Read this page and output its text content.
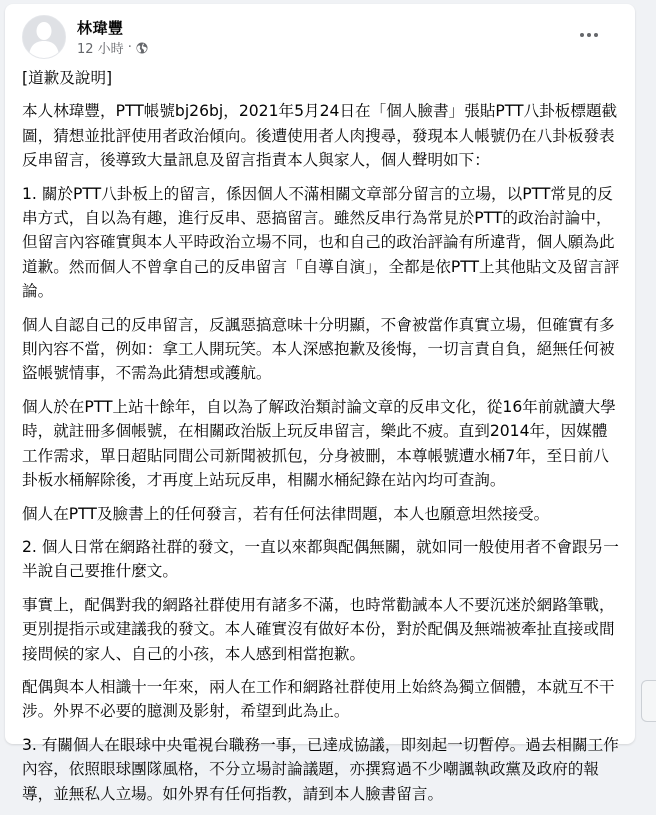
林瑋豐
12 小時 ·

[道歉及說明]

本人林瑋豐，PTT帳號bj26bj，2021年5月24日在「個人臉書」張貼PTT八卦板標題截圖，猜想並批評使用者政治傾向。後遭使用者人肉搜尋，發現本人帳號仍在八卦板發表反串留言，後導致大量訊息及留言指責本人與家人，個人聲明如下：

1. 關於PTT八卦板上的留言，係因個人不滿相關文章部分留言的立場，以PTT常見的反串方式，自以為有趣，進行反串、惡搞留言。雖然反串行為常見於PTT的政治討論中，但留言內容確實與本人平時政治立場不同，也和自己的政治評論有所違背，個人願為此道歉。然而個人不曾拿自己的反串留言「自導自演」，全都是依PTT上其他貼文及留言評論。

個人自認自己的反串留言，反諷惡搞意味十分明顯，不會被當作真實立場，但確實有多則內容不當，例如：拿工人開玩笑。本人深感抱歉及後悔，一切言責自負，絕無任何被盜帳號情事，不需為此猜想或護航。

個人於在PTT上站十餘年，自以為了解政治類討論文章的反串文化，從16年前就讀大學時，就註冊多個帳號，在相關政治版上玩反串留言，樂此不疲。直到2014年，因媒體工作需求，單日超貼同間公司新聞被抓包，分身被刪，本尊帳號遭水桶7年，至日前八卦板水桶解除後，才再度上站玩反串，相關水桶紀錄在站內均可查詢。

個人在PTT及臉書上的任何發言，若有任何法律問題，本人也願意坦然接受。

2. 個人日常在網路社群的發文，一直以來都與配偶無關，就如同一般使用者不會跟另一半說自己要推什麼文。

事實上，配偶對我的網路社群使用有諸多不滿，也時常勸誡本人不要沉迷於網路筆戰，更別提指示或建議我的發文。本人確實沒有做好本份，對於配偶及無端被牽扯直接或間接問候的家人、自己的小孩，本人感到相當抱歉。

配偶與本人相識十一年來，兩人在工作和網路社群使用上始終為獨立個體，本就互不干涉。外界不必要的臆測及影射，希望到此為止。

3. 有關個人在眼球中央電視台職務一事，已達成協議，即刻起一切暫停。過去相關工作內容，依照眼球團隊風格，不分立場討論議題，亦撰寫過不少嘲諷執政黨及政府的報導，並無私人立場。如外界有任何指教，請到本人臉書留言。
